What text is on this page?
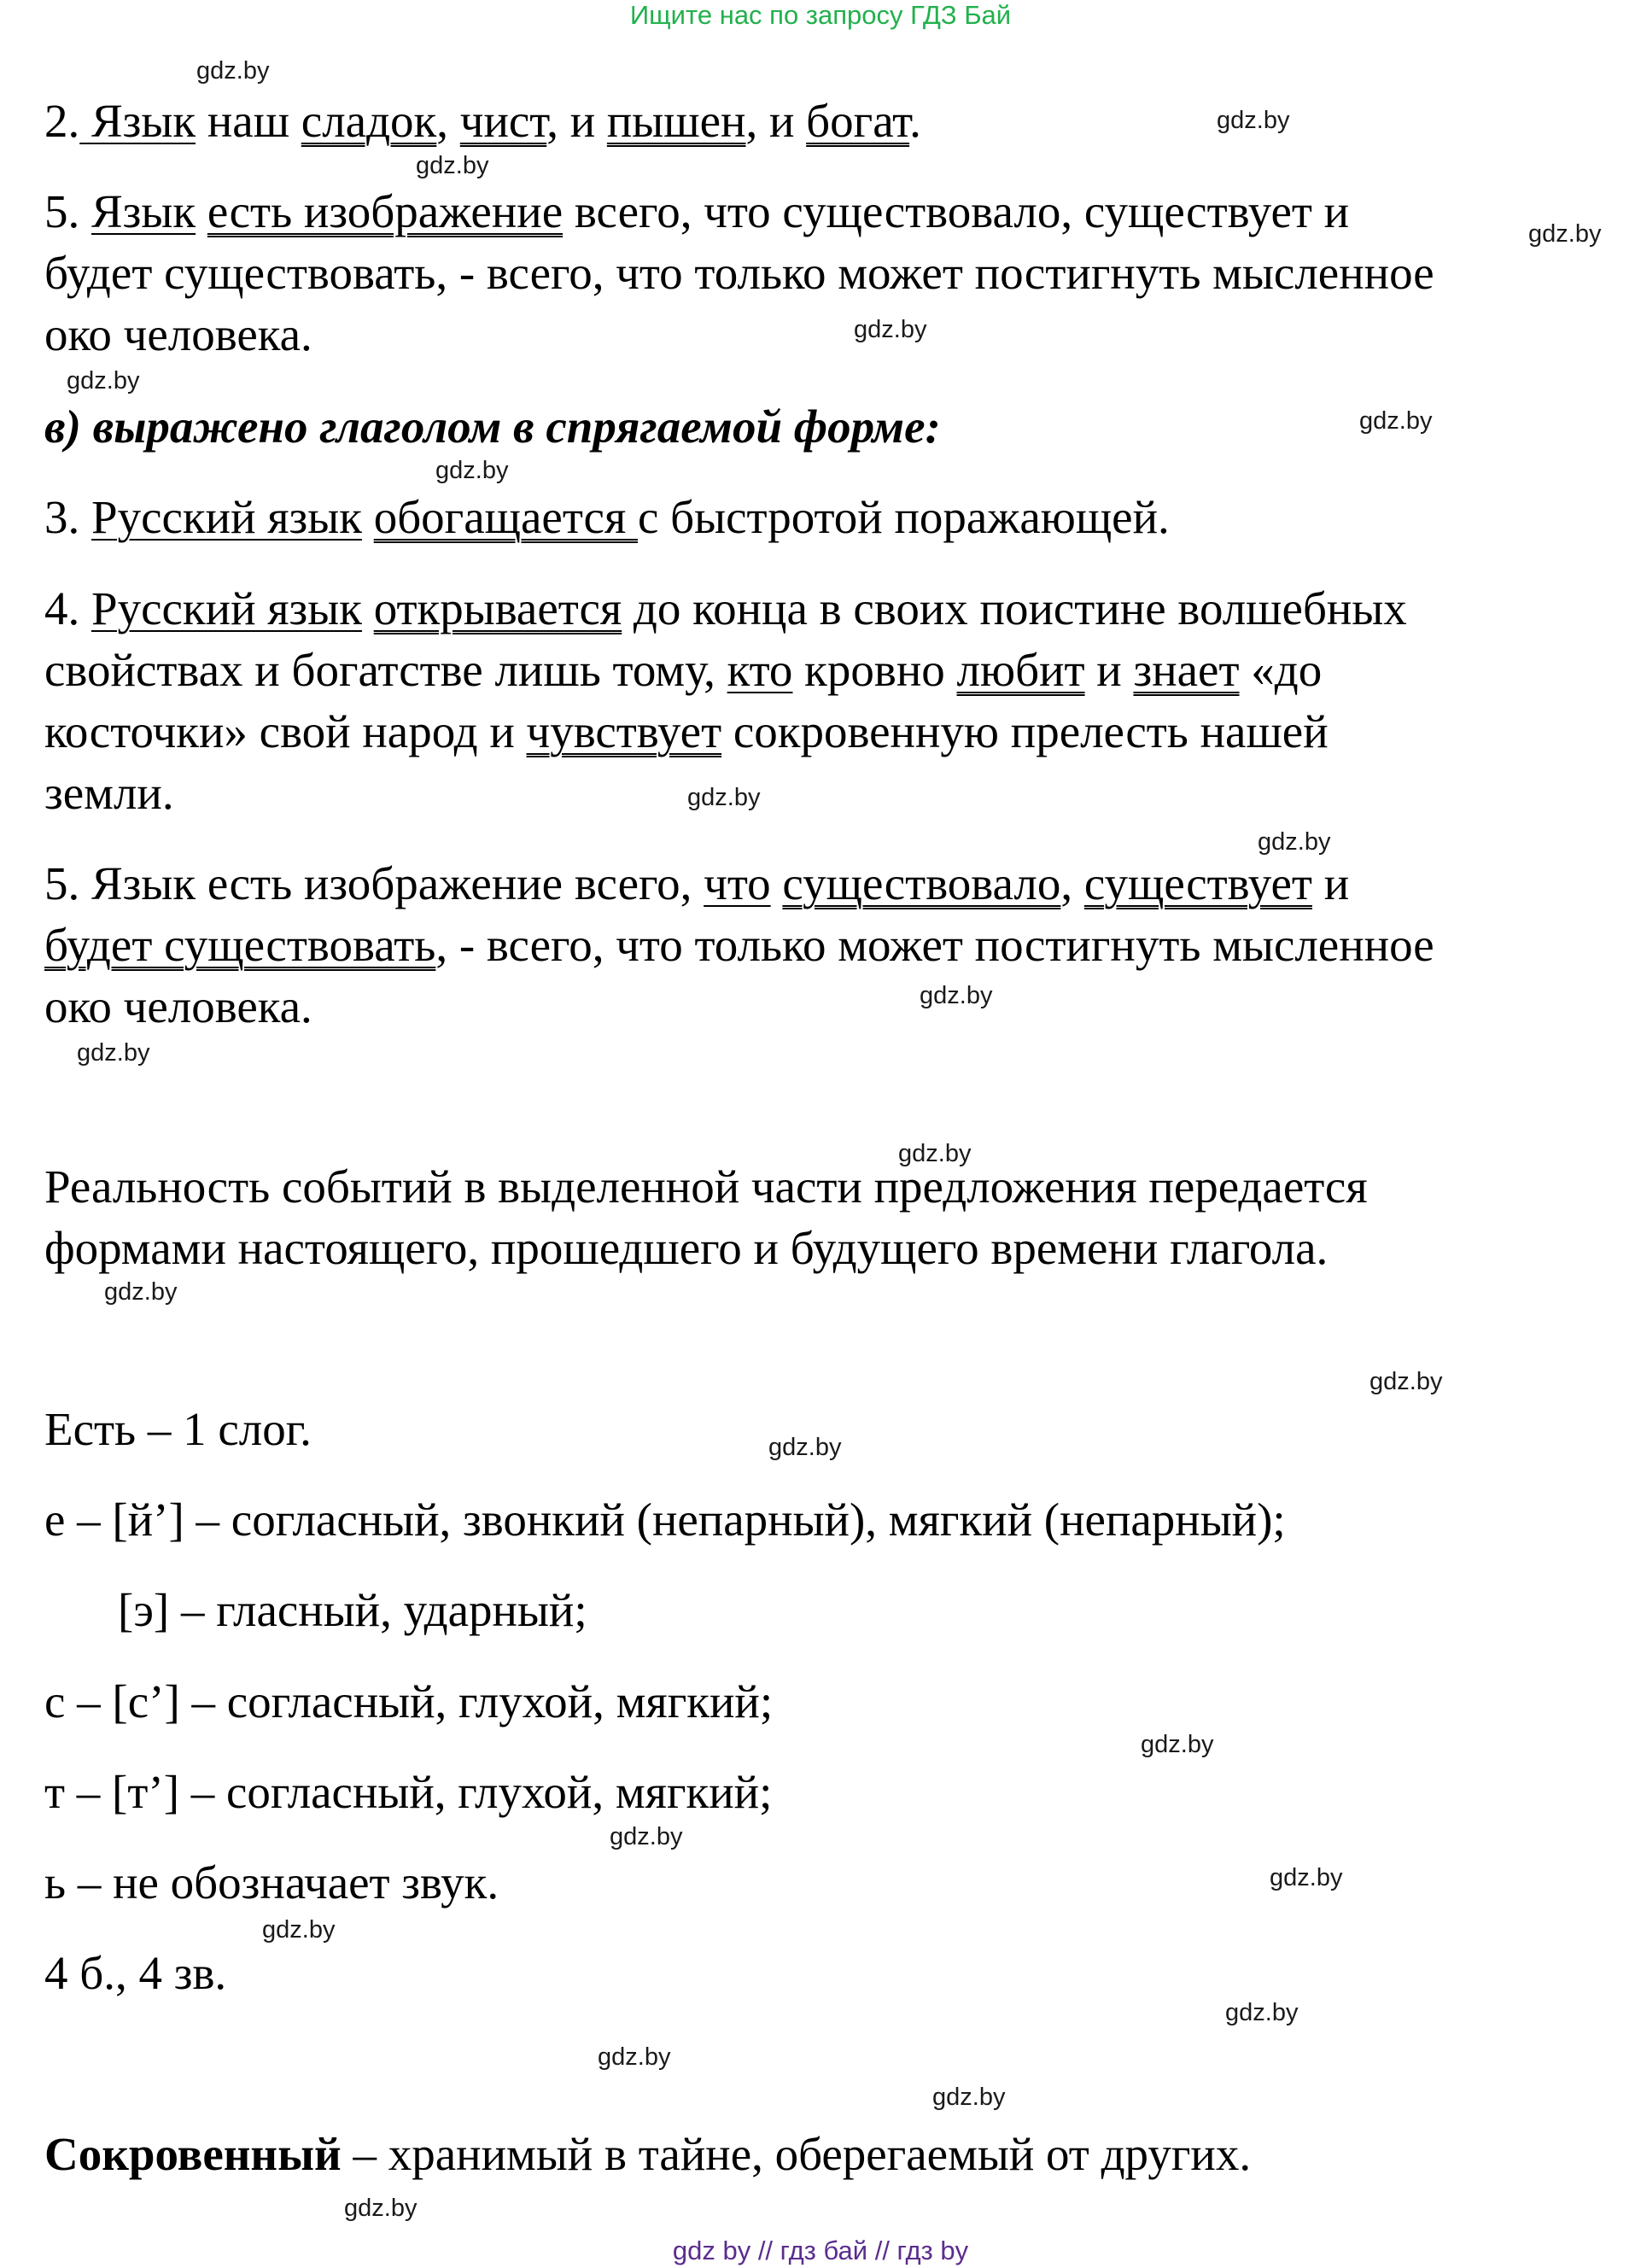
Ищите нас по запросу ГДЗ Бай

2. Язык наш сладок, чист, и пышен, и богат.

5. Язык есть изображение всего, что существовало, существует и

будет существовать, - всего, что только может постигнуть мысленное

око человека.

в) выражено глаголом в спрягаемой форме:

3. Русский язык обогащается с быстротой поражающей.

4. Русский язык открывается до конца в своих поистине волшебных

свойствах и богатстве лишь тому, кто кровно любит и знает «до

косточки» свой народ и чувствует сокровенную прелесть нашей

земли.

5. Язык есть изображение всего, что существовало, существует и

будет существовать, - всего, что только может постигнуть мысленное

око человека.

Реальность событий в выделенной части предложения передается

формами настоящего, прошедшего и будущего времени глагола.

Есть – 1 слог.

е – [й’] – согласный, звонкий (непарный), мягкий (непарный);

[э] – гласный, ударный;

с – [с’] – согласный, глухой, мягкий;

т – [т’] – согласный, глухой, мягкий;

ь – не обозначает звук.

4 б., 4 зв.

Сокровенный – хранимый в тайне, оберегаемый от других.

gdz.by
gdz.by
gdz.by
gdz.by
gdz.by
gdz.by
gdz.by
gdz.by
gdz.by
gdz.by
gdz.by
gdz.by
gdz.by
gdz.by
gdz.by
gdz.by
gdz.by
gdz.by
gdz.by
gdz.by
gdz.by
gdz.by
gdz.by
gdz.by
gdz by // гдз бай // гдз by
